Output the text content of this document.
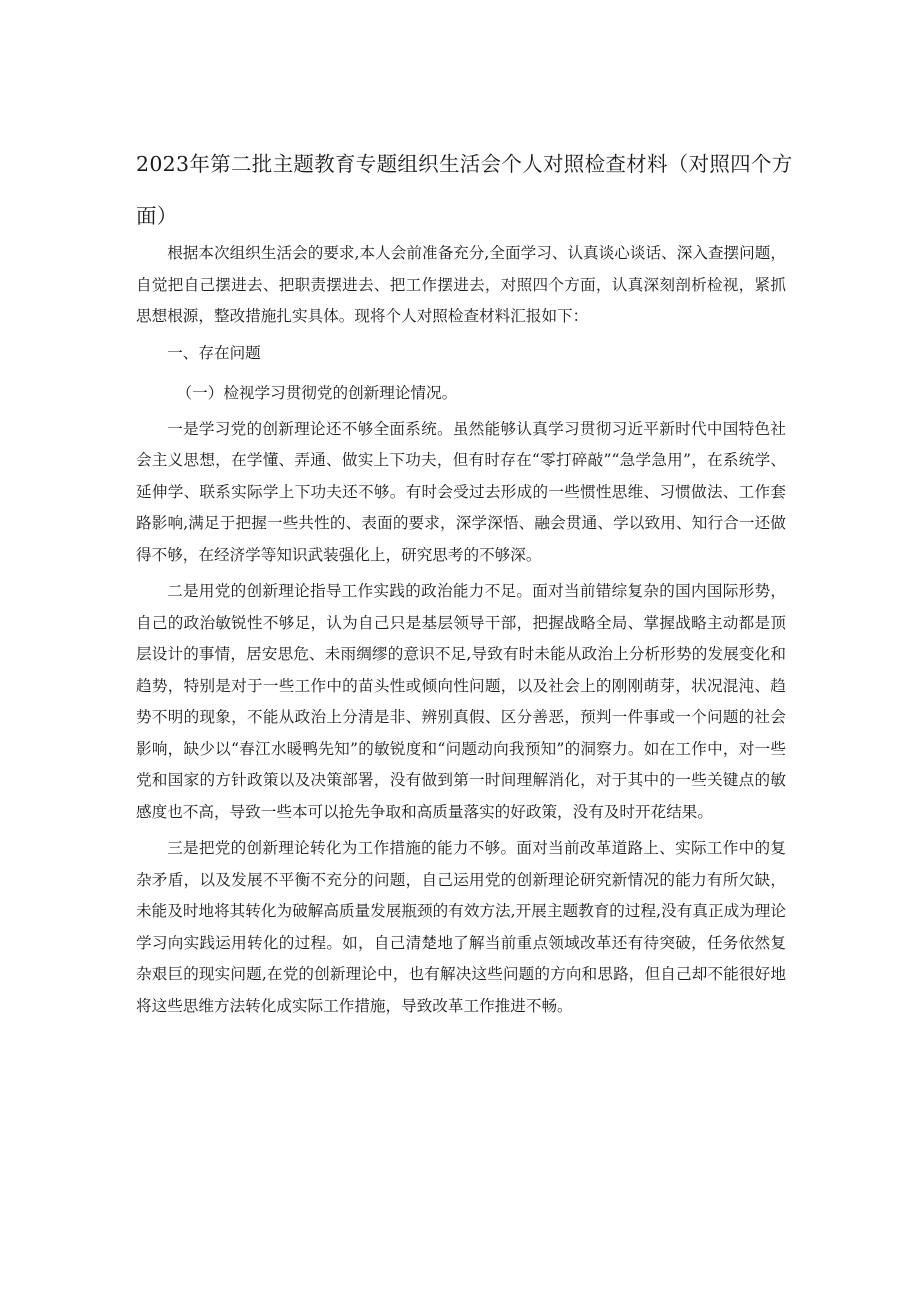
2023年第二批主题教育专题组织生活会个人对照检查材料（对照四个方面）

根据本次组织生活会的要求,本人会前准备充分,全面学习、认真谈心谈话、深入查摆问题，自觉把自己摆进去、把职责摆进去、把工作摆进去，对照四个方面，认真深刻剖析检视，紧抓思想根源，整改措施扎实具体。现将个人对照检查材料汇报如下：

一、存在问题

（一）检视学习贯彻党的创新理论情况。

一是学习党的创新理论还不够全面系统。虽然能够认真学习贯彻习近平新时代中国特色社会主义思想，在学懂、弄通、做实上下功夫，但有时存在“零打碎敲”“急学急用”，在系统学、延伸学、联系实际学上下功夫还不够。有时会受过去形成的一些惯性思维、习惯做法、工作套路影响,满足于把握一些共性的、表面的要求，深学深悟、融会贯通、学以致用、知行合一还做得不够，在经济学等知识武装强化上，研究思考的不够深。

二是用党的创新理论指导工作实践的政治能力不足。面对当前错综复杂的国内国际形势，自己的政治敏锐性不够足，认为自己只是基层领导干部，把握战略全局、掌握战略主动都是顶层设计的事情，居安思危、未雨绸缪的意识不足,导致有时未能从政治上分析形势的发展变化和趋势，特别是对于一些工作中的苗头性或倾向性问题，以及社会上的刚刚萌芽，状况混沌、趋势不明的现象，不能从政治上分清是非、辨别真假、区分善恶，预判一件事或一个问题的社会影响，缺少以“春江水暖鸭先知”的敏锐度和“问题动向我预知”的洞察力。如在工作中，对一些党和国家的方针政策以及决策部署，没有做到第一时间理解消化，对于其中的一些关键点的敏感度也不高，导致一些本可以抢先争取和高质量落实的好政策，没有及时开花结果。

三是把党的创新理论转化为工作措施的能力不够。面对当前改革道路上、实际工作中的复杂矛盾，以及发展不平衡不充分的问题，自己运用党的创新理论研究新情况的能力有所欠缺，未能及时地将其转化为破解高质量发展瓶颈的有效方法,开展主题教育的过程,没有真正成为理论学习向实践运用转化的过程。如，自己清楚地了解当前重点领域改革还有待突破，任务依然复杂艰巨的现实问题,在党的创新理论中，也有解决这些问题的方向和思路，但自己却不能很好地将这些思维方法转化成实际工作措施，导致改革工作推进不畅。
